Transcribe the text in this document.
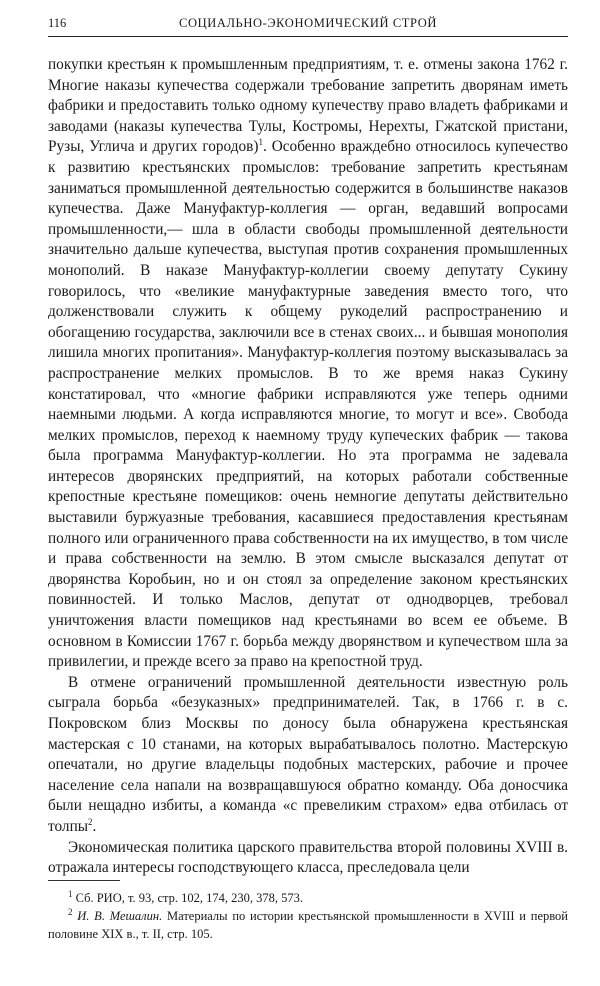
116	СОЦИАЛЬНО-ЭКОНОМИЧЕСКИЙ СТРОЙ

покупки крестьян к промышленным предприятиям, т. е. отмены закона 1762 г. Многие наказы купечества содержали требование запретить дворянам иметь фабрики и предоставить только одному купечеству право владеть фабриками и заводами (наказы купечества Тулы, Костромы, Нерехты, Гжатской пристани, Рузы, Углича и других городов)$^1$. Особенно враждебно относилось купечество к развитию крестьянских промыслов: требование запретить крестьянам заниматься промышленной деятельностью содержится в большинстве наказов купечества. Даже Мануфактур-коллегия — орган, ведавший вопросами промышленности,— шла в области свободы промышленной деятельности значительно дальше купечества, выступая против сохранения промышленных монополий. В наказе Мануфактур-коллегии своему депутату Сукину говорилось, что «великие мануфактурные заведения вместо того, что долженствовали служить к общему рукоделий распространению и обогащению государства, заключили все в стенах своих... и бывшая монополия лишила многих пропитания». Мануфактур-коллегия поэтому высказывалась за распространение мелких промыслов. В то же время наказ Сукину констатировал, что «многие фабрики исправляются уже теперь одними наемными людьми. А когда исправляются многие, то могут и все». Свобода мелких промыслов, переход к наемному труду купеческих фабрик — такова была программа Мануфактур-коллегии. Но эта программа не задевала интересов дворянских предприятий, на которых работали собственные крепостные крестьяне помещиков: очень немногие депутаты действительно выставили буржуазные требования, касавшиеся предоставления крестьянам полного или ограниченного права собственности на их имущество, в том числе и права собственности на землю. В этом смысле высказался депутат от дворянства Коробьин, но и он стоял за определение законом крестьянских повинностей. И только Маслов, депутат от однодворцев, требовал уничтожения власти помещиков над крестьянами во всем ее объеме. В основном в Комиссии 1767 г. борьба между дворянством и купечеством шла за привилегии, и прежде всего за право на крепостной труд.

В отмене ограничений промышленной деятельности известную роль сыграла борьба «безуказных» предпринимателей. Так, в 1766 г. в с. Покровском близ Москвы по доносу была обнаружена крестьянская мастерская с 10 станами, на которых вырабатывалось полотно. Мастерскую опечатали, но другие владельцы подобных мастерских, рабочие и прочее население села напали на возвращавшуюся обратно команду. Оба доносчика были нещадно избиты, а команда «с превеликим страхом» едва отбилась от толпы$^2$.

Экономическая политика царского правительства второй половины XVIII в. отражала интересы господствующего класса, преследовала цели

$^1$ Сб. РИО, т. 93, стр. 102, 174, 230, 378, 573.

$^2$ И. В. Мешалин. Материалы по истории крестьянской промышленности в XVIII и первой половине XIX в., т. II, стр. 105.
